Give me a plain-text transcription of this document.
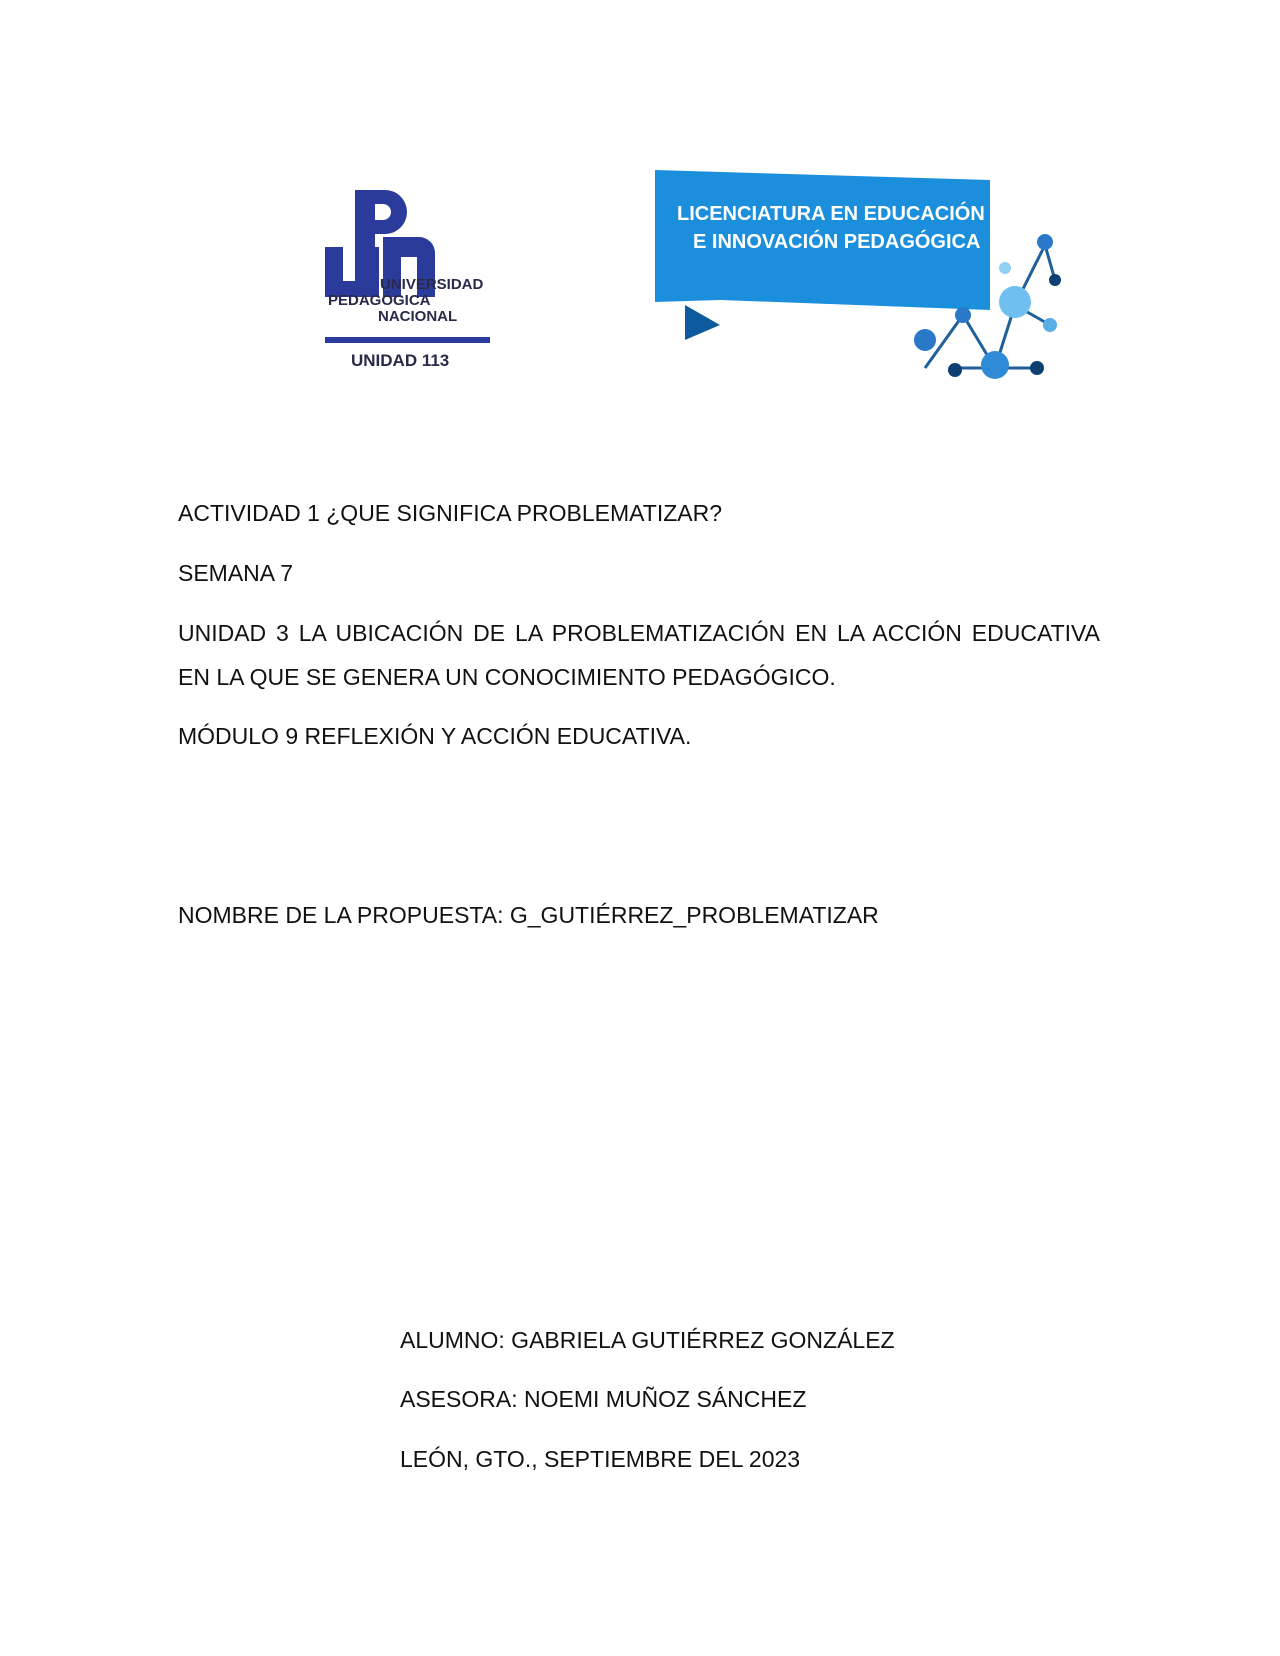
UNIVERSIDAD
PEDAGÓGICA
NACIONAL
UNIDAD 113
LICENCIATURA EN EDUCACIÓN
E INNOVACIÓN PEDAGÓGICA

ACTIVIDAD 1 ¿QUE SIGNIFICA PROBLEMATIZAR?

SEMANA 7

UNIDAD 3 LA UBICACIÓN DE LA PROBLEMATIZACIÓN EN LA ACCIÓN EDUCATIVA EN LA QUE SE GENERA UN CONOCIMIENTO PEDAGÓGICO.

MÓDULO 9 REFLEXIÓN Y ACCIÓN EDUCATIVA.

NOMBRE DE LA PROPUESTA: G_GUTIÉRREZ_PROBLEMATIZAR

ALUMNO: GABRIELA GUTIÉRREZ GONZÁLEZ

ASESORA: NOEMI MUÑOZ SÁNCHEZ

LEÓN, GTO., SEPTIEMBRE DEL 2023
